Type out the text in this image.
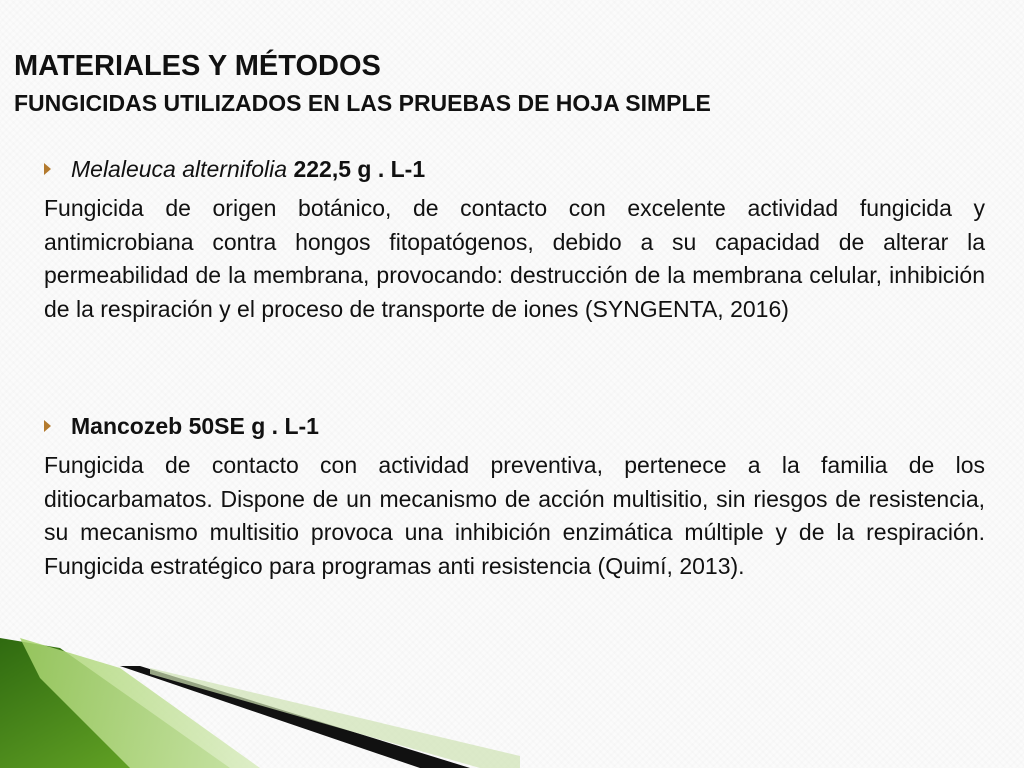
MATERIALES Y MÉTODOS
FUNGICIDAS UTILIZADOS EN LAS PRUEBAS DE HOJA SIMPLE
Melaleuca alternifolia 222,5 g . L-1

Fungicida de origen botánico, de contacto con excelente actividad fungicida y antimicrobiana contra hongos fitopatógenos, debido a su capacidad de alterar la permeabilidad de la membrana, provocando: destrucción de la membrana celular, inhibición de la respiración y el proceso de transporte de iones (SYNGENTA, 2016)

Mancozeb 50SE g . L-1

Fungicida de contacto con actividad preventiva, pertenece a la familia de los ditiocarbamatos. Dispone de un mecanismo de acción multisitio, sin riesgos de resistencia, su mecanismo multisitio provoca una inhibición enzimática múltiple y de la respiración. Fungicida estratégico para programas anti resistencia (Quimí, 2013).
